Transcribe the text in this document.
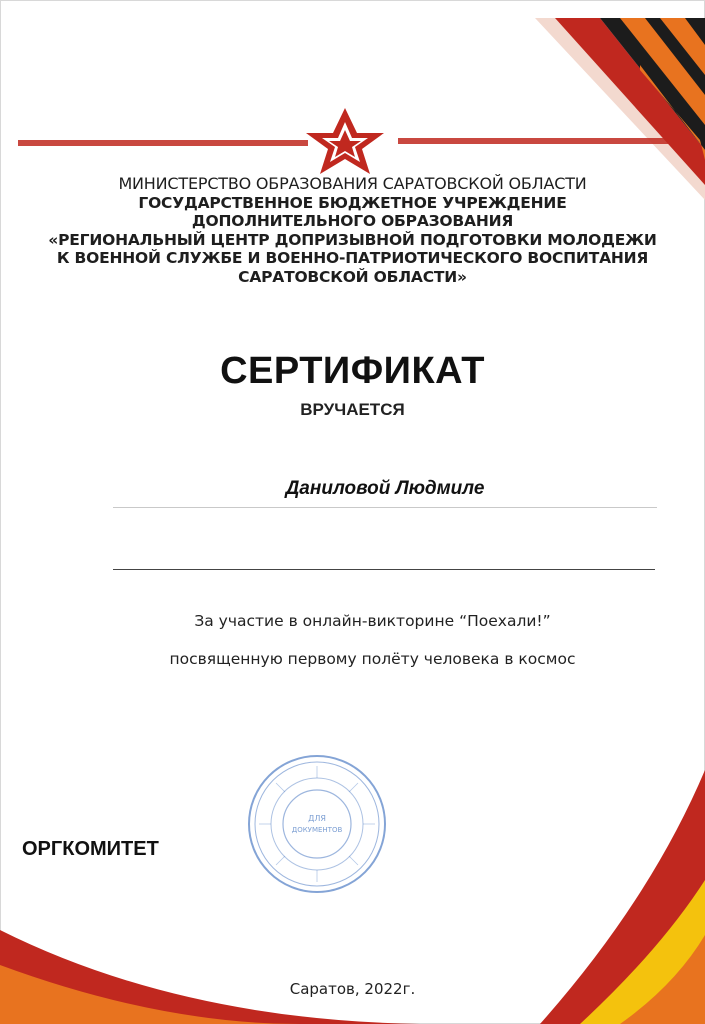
МИНИСТЕРСТВО ОБРАЗОВАНИЯ САРАТОВСКОЙ ОБЛАСТИ
ГОСУДАРСТВЕННОЕ БЮДЖЕТНОЕ УЧРЕЖДЕНИЕ
ДОПОЛНИТЕЛЬНОГО ОБРАЗОВАНИЯ
«РЕГИОНАЛЬНЫЙ ЦЕНТР ДОПРИЗЫВНОЙ ПОДГОТОВКИ МОЛОДЕЖИ
К ВОЕННОЙ СЛУЖБЕ И ВОЕННО-ПАТРИОТИЧЕСКОГО ВОСПИТАНИЯ
САРАТОВСКОЙ ОБЛАСТИ»
СЕРТИФИКАТ
ВРУЧАЕТСЯ
Даниловой Людмиле
За участие в онлайн-викторине “Поехали!”
посвященную первому полёту человека в космос
ДЛЯ
ДОКУМЕНТОВ
ОРГКОМИТЕТ
Саратов, 2022г.
